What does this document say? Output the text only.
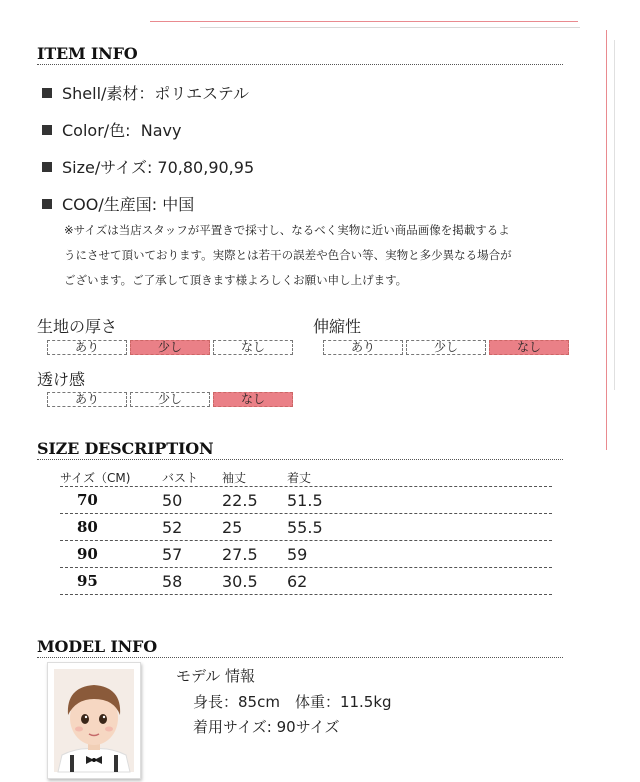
ITEM INFO
Shell/素材：ポリエステル
Color/色:  Navy
Size/サイズ: 70,80,90,95
COO/生産国: 中国
※サイズは当店スタッフが平置きで採寸し、なるべく実物に近い商品画像を掲載するよ
うにさせて頂いております。実際とは若干の誤差や色合い等、実物と多少異なる場合が
ございます。ご了承して頂きます様よろしくお願い申し上げます。
生地の厚さ
あり	少し	なし
伸縮性
あり	少し	なし
透け感
あり	少し	なし
SIZE DESCRIPTION
サイズ（CM)	バスト 袖丈	着丈
70	50 22.5 51.5
80	52 25	55.5
90	57 27.5 59
95	58 30.5 62
MODEL INFO
モデル 情報
身長：85cm　体重：11.5kg
着用サイズ: 90サイズ
